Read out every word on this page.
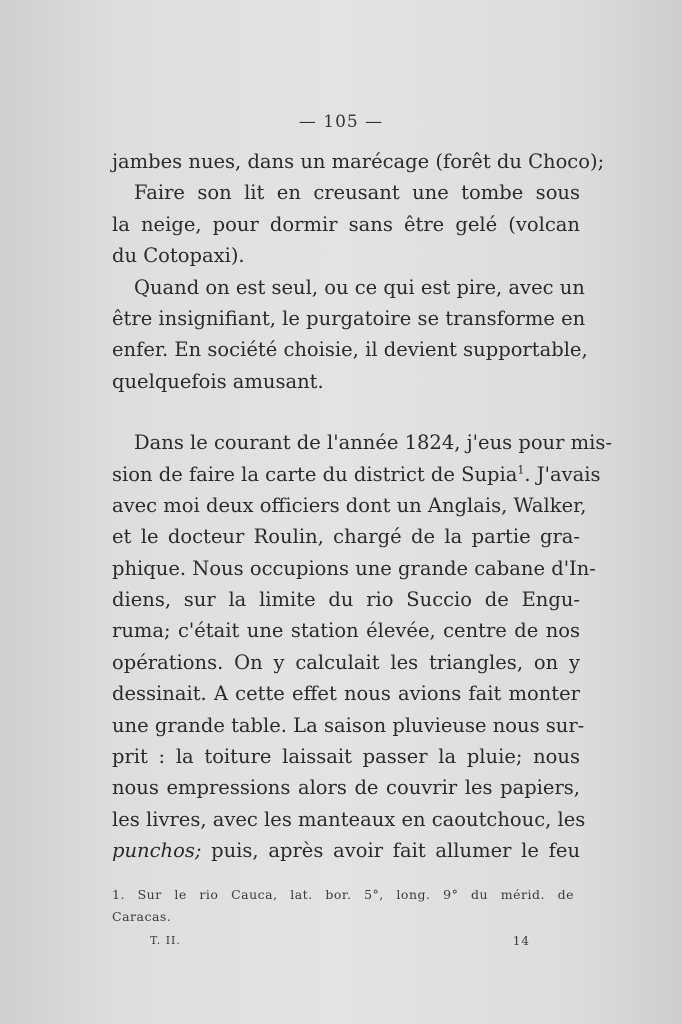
— 105 —
jambes nues, dans un marécage (forêt du Choco);
Faire son lit en creusant une tombe sous
la neige, pour dormir sans être gelé (volcan
du Cotopaxi).
Quand on est seul, ou ce qui est pire, avec un
être insignifiant, le purgatoire se transforme en
enfer. En société choisie, il devient supportable,
quelquefois amusant.
Dans le courant de l'année 1824, j'eus pour mis-
sion de faire la carte du district de Supia$^1$. J'avais
avec moi deux officiers dont un Anglais, Walker,
et le docteur Roulin, chargé de la partie gra-
phique. Nous occupions une grande cabane d'In-
diens, sur la limite du rio Succio de Engu-
ruma; c'était une station élevée, centre de nos
opérations. On y calculait les triangles, on y
dessinait. A cette effet nous avions fait monter
une grande table. La saison pluvieuse nous sur-
prit : la toiture laissait passer la pluie; nous
nous empressions alors de couvrir les papiers,
les livres, avec les manteaux en caoutchouc, les
punchos; puis, après avoir fait allumer le feu
1. Sur le rio Cauca, lat. bor. 5°, long. 9° du mérid. de
Caracas.
T. II.	14
